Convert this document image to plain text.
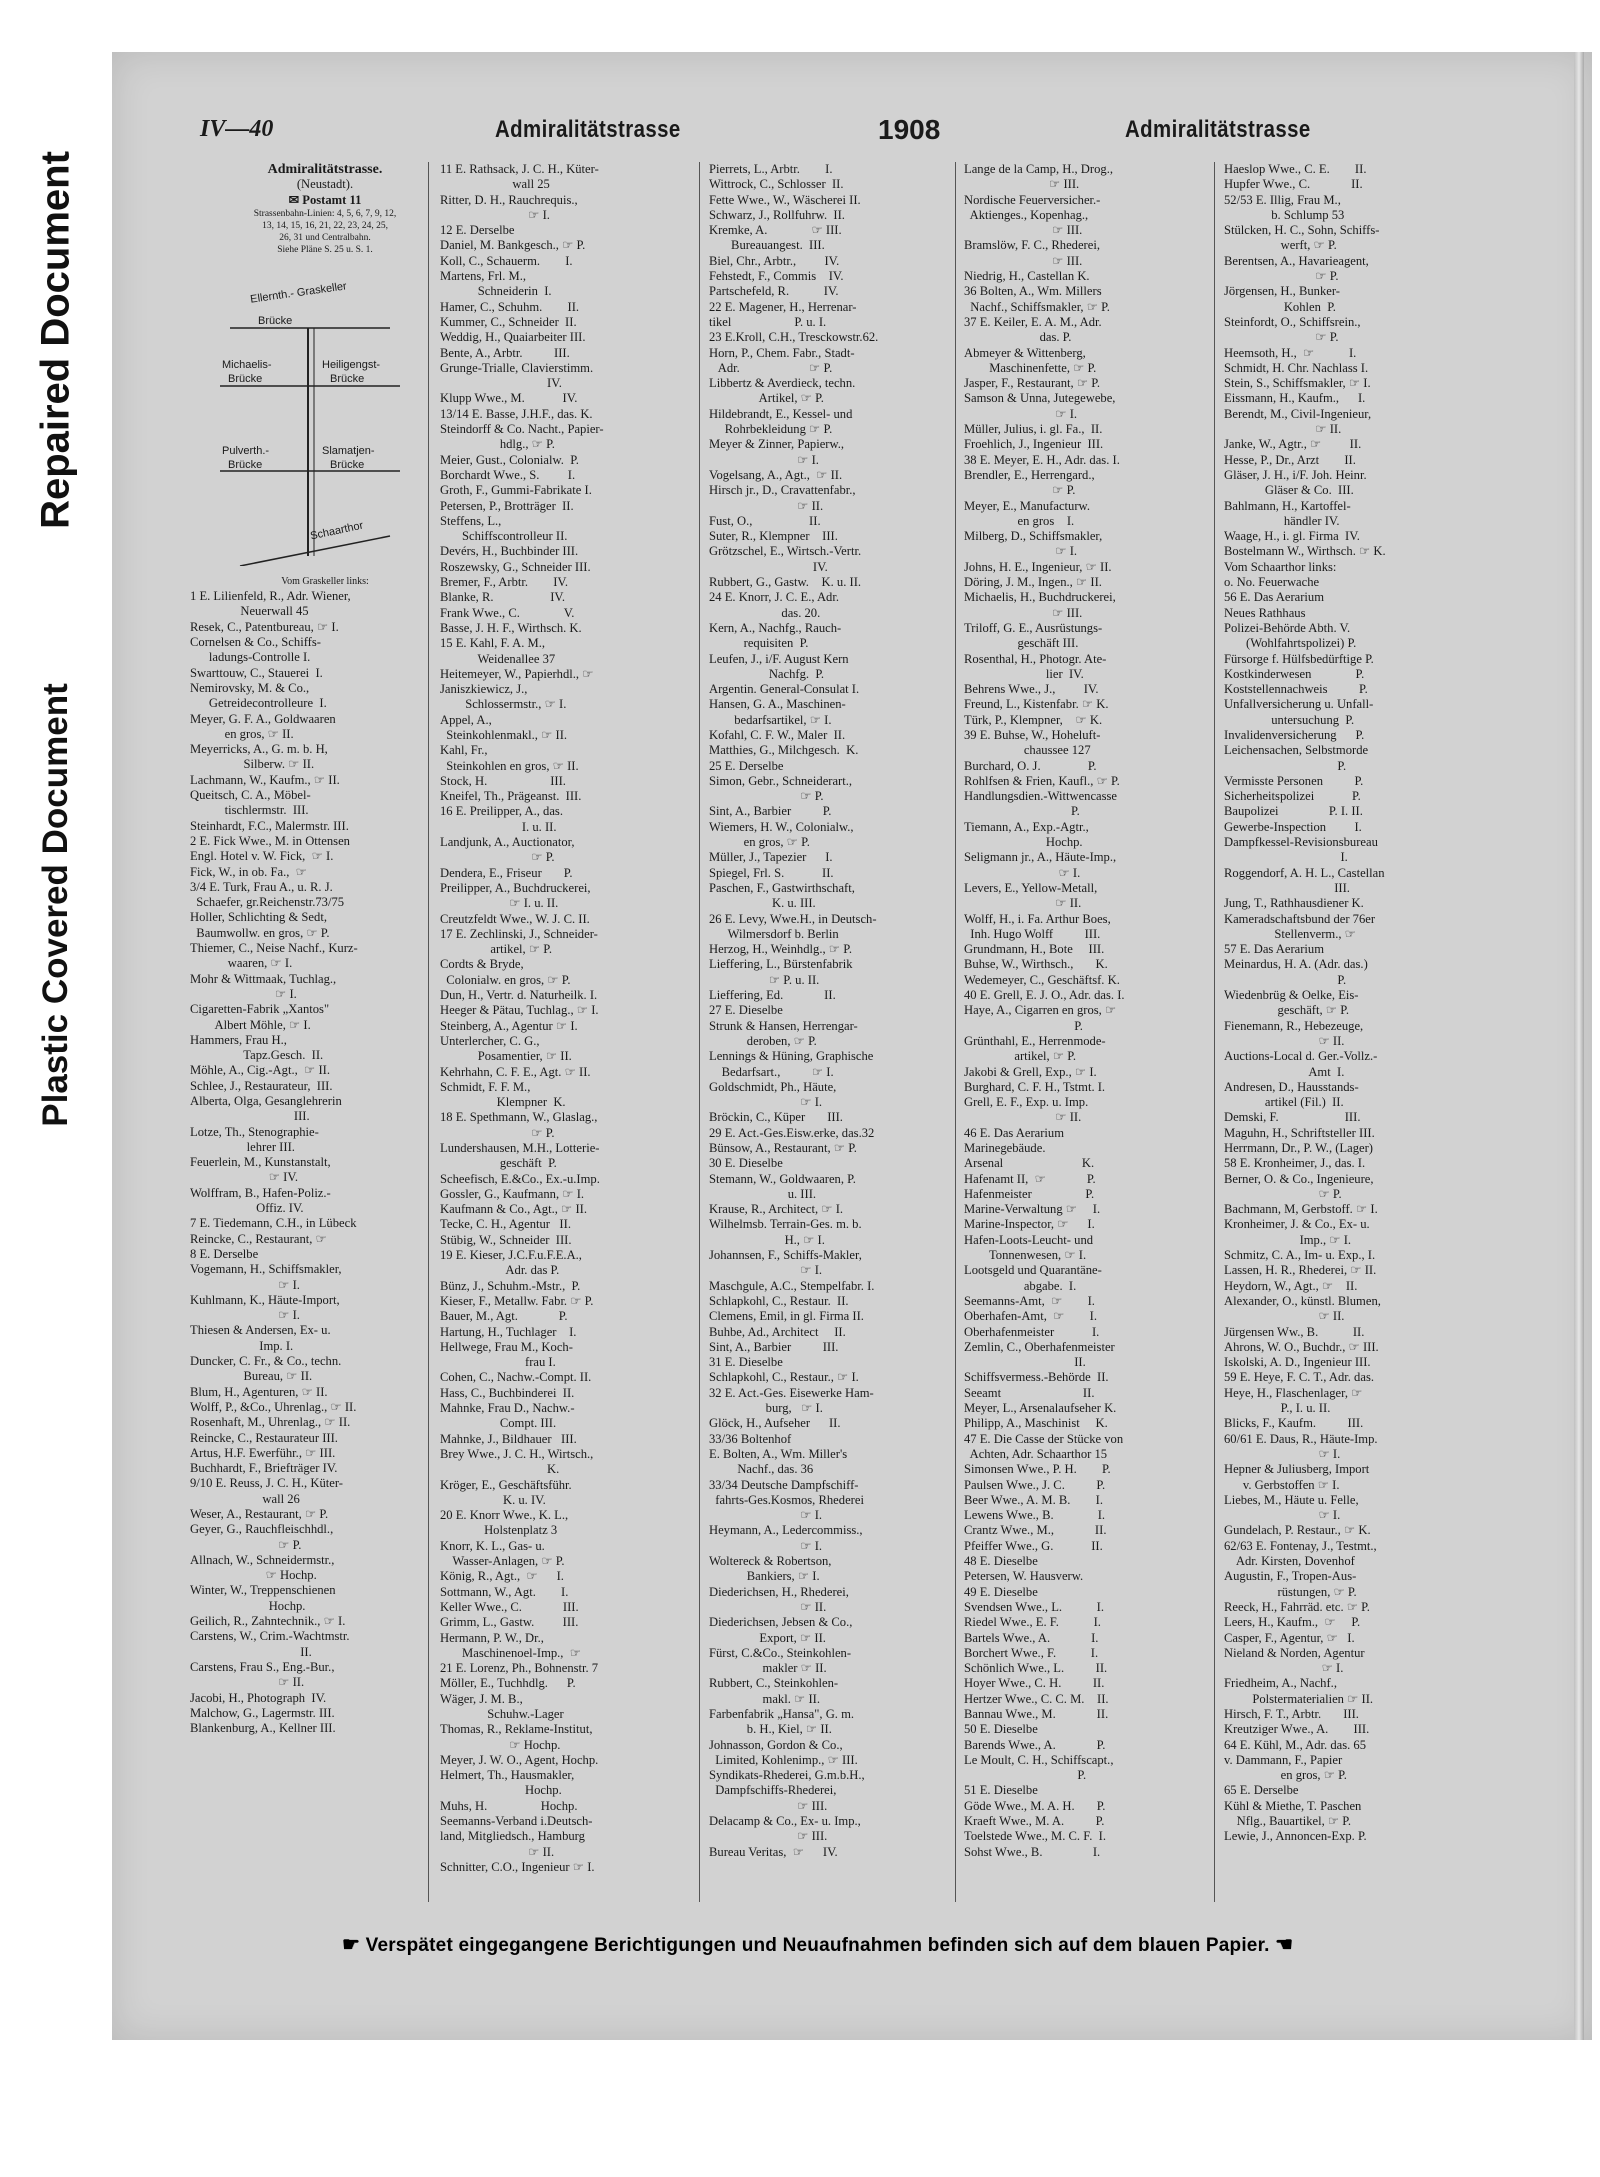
Repaired Document
Plastic Covered Document
IV—40	Admiralitätstrasse	1908	Admiralitätstrasse
Admiralitätstrasse.
(Neustadt).
✉ Postamt 11
Strassenbahn-Linien: 4, 5, 6, 7, 9, 12,
13, 14, 15, 16, 21, 22, 23, 24, 25,
26, 31 und Centralbahn.
Siehe Pläne S. 25 u. S. 1.
Ellernth.- Graskeller
Brücke
Michaelis-
Brücke
Heiligengst-
Brücke
Pulverth.-
Brücke
Slamatjen-
Brücke
Schaarthor
Vom Graskeller links:
1 E. Lilienfeld, R., Adr. Wiener,
Neuerwall 45
Resek, C., Patentbureau, ☞ I.
Cornelsen & Co., Schiffs-
ladungs-Controlle I.
Swarttouw, C., Stauerei  I.
Nemirovsky, M. & Co.,
Getreidecontrolleure  I.
Meyer, G. F. A., Goldwaaren
en gros, ☞ II.
Meyerricks, A., G. m. b. H,
Silberw. ☞ II.
Lachmann, W., Kaufm., ☞ II.
Queitsch, C. A., Möbel-
tischlermstr.  III.
Steinhardt, F.C., Malermstr. III.
2 E. Fick Wwe., M. in Ottensen
Engl. Hotel v. W. Fick,  ☞ I.
Fick, W., in ob. Fa.,  ☞
3/4 E. Turk, Frau A., u. R. J.
Schaefer, gr.Reichenstr.73/75
Holler, Schlichting & Sedt,
Baumwollw. en gros, ☞ P.
Thiemer, C., Neise Nachf., Kurz-
waaren, ☞ I.
Mohr & Wittmaak, Tuchlag.,
☞ I.
Cigaretten-Fabrik „Xantos"
Albert Möhle, ☞ I.
Hammers, Frau H.,
Tapz.Gesch.  II.
Möhle, A., Cig.-Agt.,  ☞ II.
Schlee, J., Restaurateur,  III.
Alberta, Olga, Gesanglehrerin
III.
Lotze, Th., Stenographie-
lehrer III.
Feuerlein, M., Kunstanstalt,
☞ IV.
Wolffram, B., Hafen-Poliz.-
Offiz. IV.
7 E. Tiedemann, C.H., in Lübeck
Reincke, C., Restaurant, ☞
8 E. Derselbe
Vogemann, H., Schiffsmakler,
☞ I.
Kuhlmann, K., Häute-Import,
☞ I.
Thiesen & Andersen, Ex- u.
Imp. I.
Duncker, C. Fr., & Co., techn.
Bureau, ☞ II.
Blum, H., Agenturen, ☞ II.
Wolff, P., &Co., Uhrenlag., ☞ II.
Rosenhaft, M., Uhrenlag., ☞ II.
Reincke, C., Restaurateur III.
Artus, H.F. Ewerführ., ☞ III.
Buchhardt, F., Briefträger IV.
9/10 E. Reuss, J. C. H., Küter-
wall 26
Weser, A., Restaurant, ☞ P.
Geyer, G., Rauchfleischhdl.,
☞ P.
Allnach, W., Schneidermstr.,
☞ Hochp.
Winter, W., Treppenschienen
Hochp.
Geilich, R., Zahntechnik., ☞ I.
Carstens, W., Crim.-Wachtmstr.
II.
Carstens, Frau S., Eng.-Bur.,
☞ II.
Jacobi, H., Photograph  IV.
Malchow, G., Lagermstr. III.
Blankenburg, A., Kellner III.
11 E. Rathsack, J. C. H., Küter-
wall 25
Ritter, D. H., Rauchrequis.,
☞ I.
12 E. Derselbe
Daniel, M. Bankgesch., ☞ P.
Koll, C., Schauerm.        I.
Martens, Frl. M.,
Schneiderin  I.
Hamer, C., Schuhm.        II.
Kummer, C., Schneider  II.
Weddig, H., Quaiarbeiter III.
Bente, A., Arbtr.          III.
Grunge-Trialle, Clavierstimm.
IV.
Klupp Wwe., M.            IV.
13/14 E. Basse, J.H.F., das. K.
Steindorff & Co. Nacht., Papier-
hdlg., ☞ P.
Meier, Gust., Colonialw.  P.
Borchardt Wwe., S.         I.
Groth, F., Gummi-Fabrikate I.
Petersen, P., Brotträger  II.
Steffens, L.,
Schiffscontrolleur II.
Devérs, H., Buchbinder III.
Roszewsky, G., Schneider III.
Bremer, F., Arbtr.        IV.
Blanke, R.                  IV.
Frank Wwe., C.              V.
Basse, J. H. F., Wirthsch. K.
15 E. Kahl, F. A. M.,
Weidenallee 37
Heitemeyer, W., Papierhdl., ☞
Janiszkiewicz, J.,
Schlossermstr., ☞ I.
Appel, A.,
Steinkohlenmakl., ☞ II.
Kahl, Fr.,
Steinkohlen en gros, ☞ II.
Stock, H.                    III.
Kneifel, Th., Prägeanst.  III.
16 E. Preilipper, A., das.
I. u. II.
Landjunk, A., Auctionator,
☞ P.
Dendera, E., Friseur       P.
Preilipper, A., Buchdruckerei,
☞ I. u. II.
Creutzfeldt Wwe., W. J. C. II.
17 E. Zechlinski, J., Schneider-
artikel, ☞ P.
Cordts & Bryde,
Colonialw. en gros, ☞ P.
Dun, H., Vertr. d. Naturheilk. I.
Heeger & Pätau, Tuchlag., ☞ I.
Steinberg, A., Agentur ☞ I.
Unterlercher, C. G.,
Posamentier, ☞ II.
Kehrhahn, C. F. E., Agt. ☞ II.
Schmidt, F. F. M.,
Klempner  K.
18 E. Spethmann, W., Glaslag.,
☞ P.
Lundershausen, M.H., Lotterie-
geschäft  P.
Scheefisch, E.&Co., Ex.-u.Imp.
Gossler, G., Kaufmann, ☞ I.
Kaufmann & Co., Agt., ☞ II.
Tecke, C. H., Agentur   II.
Stübig, W., Schneider  III.
19 E. Kieser, J.C.F.u.F.E.A.,
Adr. das P.
Bünz, J., Schuhm.-Mstr.,  P.
Kieser, F., Metallw. Fabr. ☞ P.
Bauer, M., Agt.             P.
Hartung, H., Tuchlager    I.
Hellwege, Frau M., Koch-
frau I.
Cohen, C., Nachw.-Compt. II.
Hass, C., Buchbinderei  II.
Mahnke, Frau D., Nachw.-
Compt. III.
Mahnke, J., Bildhauer   III.
Brey Wwe., J. C. H., Wirtsch.,
K.
Kröger, E., Geschäftsführ.
K. u. IV.
20 E. Knorr Wwe., K. L.,
Holstenplatz 3
Knorr, K. L., Gas- u.
Wasser-Anlagen, ☞ P.
König, R., Agt.,  ☞      I.
Sottmann, W., Agt.        I.
Keller Wwe., C.             III.
Grimm, L., Gastw.         III.
Hermann, P. W., Dr.,
Maschinenoel-Imp.,  ☞
21 E. Lorenz, Ph., Bohnenstr. 7
Möller, E., Tuchhdlg.      P.
Wäger, J. M. B.,
Schuhw.-Lager
Thomas, R., Reklame-Institut,
☞ Hochp.
Meyer, J. W. O., Agent, Hochp.
Helmert, Th., Hausmakler,
Hochp.
Muhs, H.                 Hochp.
Seemanns-Verband i.Deutsch-
land, Mitgliedsch., Hamburg
☞ II.
Schnitter, C.O., Ingenieur ☞ I.
Pierrets, L., Arbtr.        I.
Wittrock, C., Schlosser  II.
Fette Wwe., W., Wäscherei II.
Schwarz, J., Rollfuhrw.  II.
Kremke, A.              ☞ III.
Bureauangest.  III.
Biel, Chr., Arbtr.,         IV.
Fehstedt, F., Commis    IV.
Partschefeld, R.           IV.
22 E. Magener, H., Herrenar-
tikel                    P. u. I.
23 E.Kroll, C.H., Tresckowstr.62.
Horn, P., Chem. Fabr., Stadt-
Adr.                      ☞ P.
Libbertz & Averdieck, techn.
Artikel, ☞ P.
Hildebrandt, E., Kessel- und
Rohrbekleidung ☞ P.
Meyer & Zinner, Papierw.,
☞ I.
Vogelsang, A., Agt.,  ☞ II.
Hirsch jr., D., Cravattenfabr.,
☞ II.
Fust, O.,                  II.
Suter, R., Klempner    III.
Grötzschel, E., Wirtsch.-Vertr.
IV.
Rubbert, G., Gastw.    K. u. II.
24 E. Knorr, J. C. E., Adr.
das. 20.
Kern, A., Nachfg., Rauch-
requisiten  P.
Leufen, J., i/F. August Kern
Nachfg.  P.
Argentin. General-Consulat I.
Hansen, G. A., Maschinen-
bedarfsartikel, ☞ I.
Kofahl, C. F. W., Maler  II.
Matthies, G., Milchgesch.  K.
25 E. Derselbe
Simon, Gebr., Schneiderart.,
☞ P.
Sint, A., Barbier          P.
Wiemers, H. W., Colonialw.,
en gros, ☞ P.
Müller, J., Tapezier      I.
Spiegel, Frl. S.            II.
Paschen, F., Gastwirthschaft,
K. u. III.
26 E. Levy, Wwe.H., in Deutsch-
Wilmersdorf b. Berlin
Herzog, H., Weinhdlg., ☞ P.
Lieffering, L., Bürstenfabrik
☞ P. u. II.
Lieffering, Ed.             II.
27 E. Dieselbe
Strunk & Hansen, Herrengar-
deroben, ☞ P.
Lennings & Hüning, Graphische
Bedarfsart.,          ☞ I.
Goldschmidt, Ph., Häute,
☞ I.
Bröckin, C., Küper       III.
29 E. Act.-Ges.Eisw.erke, das.32
Bünsow, A., Restaurant, ☞ P.
30 E. Dieselbe
Stemann, W., Goldwaaren, P.
u. III.
Krause, R., Architect, ☞ I.
Wilhelmsb. Terrain-Ges. m. b.
H., ☞ I.
Johannsen, F., Schiffs-Makler,
☞ I.
Maschgule, A.C., Stempelfabr. I.
Schlapkohl, C., Restaur.  II.
Clemens, Emil, in gl. Firma II.
Buhbe, Ad., Architect     II.
Sint, A., Barbier          III.
31 E. Dieselbe
Schlapkohl, C., Restaur., ☞ I.
32 E. Act.-Ges. Eisewerke Ham-
burg,   ☞ I.
Glöck, H., Aufseher      II.
33/36 Boltenhof
E. Bolten, A., Wm. Miller's
Nachf., das. 36
33/34 Deutsche Dampfschiff-
fahrts-Ges.Kosmos, Rhederei
☞ I.
Heymann, A., Ledercommiss.,
☞ I.
Woltereck & Robertson,
Bankiers, ☞ I.
Diederichsen, H., Rhederei,
☞ II.
Diederichsen, Jebsen & Co.,
Export, ☞ II.
Fürst, C.&Co., Steinkohlen-
makler ☞ II.
Rubbert, C., Steinkohlen-
makl. ☞ II.
Farbenfabrik „Hansa", G. m.
b. H., Kiel, ☞ II.
Johnasson, Gordon & Co.,
Limited, Kohlenimp., ☞ III.
Syndikats-Rhederei, G.m.b.H.,
Dampfschiffs-Rhederei,
☞ III.
Delacamp & Co., Ex- u. Imp.,
☞ III.
Bureau Veritas,  ☞      IV.
Lange de la Camp, H., Drog.,
☞ III.
Nordische Feuerversicher.-
Aktienges., Kopenhag.,
☞ III.
Bramslöw, F. C., Rhederei,
☞ III.
Niedrig, H., Castellan K.
36 Bolten, A., Wm. Millers
Nachf., Schiffsmakler, ☞ P.
37 E. Keiler, E. A. M., Adr.
das. P.
Abmeyer & Wittenberg,
Maschinenfette, ☞ P.
Jasper, F., Restaurant, ☞ P.
Samson & Unna, Jutegewebe,
☞ I.
Müller, Julius, i. gl. Fa.,  II.
Froehlich, J., Ingenieur  III.
38 E. Meyer, E. H., Adr. das. I.
Brendler, E., Herrengard.,
☞ P.
Meyer, E., Manufacturw.
en gros    I.
Milberg, D., Schiffsmakler,
☞ I.
Johns, H. E., Ingenieur, ☞ II.
Döring, J. M., Ingen., ☞ II.
Michaelis, H., Buchdruckerei,
☞ III.
Triloff, G. E., Ausrüstungs-
geschäft III.
Rosenthal, H., Photogr. Ate-
lier  IV.
Behrens Wwe., J.,         IV.
Freund, L., Kistenfabr. ☞ K.
Türk, P., Klempner,    ☞ K.
39 E. Buhse, W., Hoheluft-
chaussee 127
Burchard, O. J.               P.
Rohlfsen & Frien, Kaufl., ☞ P.
Handlungsdien.-Wittwencasse
P.
Tiemann, A., Exp.-Agtr.,
Hochp.
Seligmann jr., A., Häute-Imp.,
☞ I.
Levers, E., Yellow-Metall,
☞ II.
Wolff, H., i. Fa. Arthur Boes,
Inh. Hugo Wolff          III.
Grundmann, H., Bote     III.
Buhse, W., Wirthsch.,       K.
Wedemeyer, C., Geschäftsf. K.
40 E. Grell, E. J. O., Adr. das. I.
Haye, A., Cigarren en gros, ☞
P.
Grünthahl, E., Herrenmode-
artikel, ☞ P.
Jakobi & Grell, Exp., ☞ I.
Burghard, C. F. H., Tstmt. I.
Grell, E. F., Exp. u. Imp.
☞ II.
46 E. Das Aerarium
Marinegebäude.
Arsenal                         K.
Hafenamt II,  ☞             P.
Hafenmeister                 P.
Marine-Verwaltung ☞     I.
Marine-Inspector, ☞      I.
Hafen-Loots-Leucht- und
Tonnenwesen, ☞ I.
Lootsgeld und Quarantäne-
abgabe.  I.
Seemanns-Amt,  ☞        I.
Oberhafen-Amt,  ☞        I.
Oberhafenmeister            I.
Zemlin, C., Oberhafenmeister
II.
Schiffsvermess.-Behörde  II.
Seeamt                          II.
Meyer, L., Arsenalaufseher K.
Philipp, A., Maschinist     K.
47 E. Die Casse der Stücke von
Achten, Adr. Schaarthor 15
Simonsen Wwe., P. H.        P.
Paulsen Wwe., J. C.          P.
Beer Wwe., A. M. B.        I.
Lewens Wwe., B.              I.
Crantz Wwe., M.,             II.
Pfeiffer Wwe., G.            II.
48 E. Dieselbe
Petersen, W. Hausverw.
49 E. Dieselbe
Svendsen Wwe., L.           I.
Riedel Wwe., E. F.           I.
Bartels Wwe., A.             I.
Borchert Wwe., F.           I.
Schönlich Wwe., L.          II.
Hoyer Wwe., C. H.          II.
Hertzer Wwe., C. C. M.    II.
Bannau Wwe., M.             II.
50 E. Dieselbe
Barends Wwe., A.             P.
Le Moult, C. H., Schiffscapt.,
P.
51 E. Dieselbe
Göde Wwe., M. A. H.       P.
Kraeft Wwe., M. A.          P.
Toelstede Wwe., M. C. F.  I.
Sohst Wwe., B.                I.
Haeslop Wwe., C. E.        II.
Hupfer Wwe., C.             II.
52/53 E. Illig, Frau M.,
b. Schlump 53
Stülcken, H. C., Sohn, Schiffs-
werft, ☞ P.
Berentsen, A., Havarieagent,
☞ P.
Jörgensen, H., Bunker-
Kohlen  P.
Steinfordt, O., Schiffsrein.,
☞ P.
Heemsoth, H.,  ☞           I.
Schmidt, H. Chr. Nachlass I.
Stein, S., Schiffsmakler, ☞ I.
Eissmann, H., Kaufm.,      I.
Berendt, M., Civil-Ingenieur,
☞ II.
Janke, W., Agtr., ☞         II.
Hesse, P., Dr., Arzt        II.
Gläser, J. H., i/F. Joh. Heinr.
Gläser & Co.  III.
Bahlmann, H., Kartoffel-
händler IV.
Waage, H., i. gl. Firma  IV.
Bostelmann W., Wirthsch. ☞ K.
Vom Schaarthor links:
o. No. Feuerwache
56 E. Das Aerarium
Neues Rathhaus
Polizei-Behörde Abth. V.
(Wohlfahrtspolizei) P.
Fürsorge f. Hülfsbedürftige P.
Kostkinderwesen              P.
Koststellennachweis          P.
Unfallversicherung u. Unfall-
untersuchung  P.
Invalidenversicherung      P.
Leichensachen, Selbstmorde
P.
Vermisste Personen          P.
Sicherheitspolizei            P.
Baupolizei                P. I. II.
Gewerbe-Inspection         I.
Dampfkessel-Revisionsbureau
I.
Roggendorf, A. H. L., Castellan
III.
Jung, T., Rathhausdiener K.
Kameradschaftsbund der 76er
Stellenverm., ☞
57 E. Das Aerarium
Meinardus, H. A. (Adr. das.)
P.
Wiedenbrüg & Oelke, Eis-
geschäft, ☞ P.
Fienemann, R., Hebezeuge,
☞ II.
Auctions-Local d. Ger.-Vollz.-
Amt  I.
Andresen, D., Hausstands-
artikel (Fil.)  II.
Demski, F.                     III.
Maguhn, H., Schriftsteller III.
Herrmann, Dr., P. W., (Lager)
58 E. Kronheimer, J., das. I.
Berner, O. & Co., Ingenieure,
☞ P.
Bachmann, M, Gerbstoff. ☞ I.
Kronheimer, J. & Co., Ex- u.
Imp., ☞ I.
Schmitz, C. A., Im- u. Exp., I.
Lassen, H. R., Rhederei, ☞ II.
Heydorn, W., Agt., ☞    II.
Alexander, O., künstl. Blumen,
☞ II.
Jürgensen Ww., B.           II.
Ahrons, W. O., Buchdr., ☞ III.
Iskolski, A. D., Ingenieur III.
59 E. Heye, F. C. T., Adr. das.
Heye, H., Flaschenlager, ☞
P., I. u. II.
Blicks, F., Kaufm.          III.
60/61 E. Daus, R., Häute-Imp.
☞ I.
Hepner & Juliusberg, Import
v. Gerbstoffen ☞ I.
Liebes, M., Häute u. Felle,
☞ I.
Gundelach, P. Restaur., ☞ K.
62/63 E. Fontenay, J., Testmt.,
Adr. Kirsten, Dovenhof
Augustin, F., Tropen-Aus-
rüstungen, ☞ P.
Reeck, H., Fahrräd. etc. ☞ P.
Leers, H., Kaufm.,  ☞     P.
Casper, F., Agentur, ☞   I.
Nieland & Norden, Agentur
☞ I.
Friedheim, A., Nachf.,
Polstermaterialien ☞ II.
Hirsch, F. T., Arbtr.       III.
Kreutziger Wwe., A.        III.
64 E. Kühl, M., Adr. das. 65
v. Dammann, F., Papier
en gros, ☞ P.
65 E. Derselbe
Kühl & Miethe, T. Paschen
Nflg., Bauartikel, ☞ P.
Lewie, J., Annoncen-Exp. P.
☛ Verspätet eingegangene Berichtigungen und Neuaufnahmen befinden sich auf dem blauen Papier. ☚
